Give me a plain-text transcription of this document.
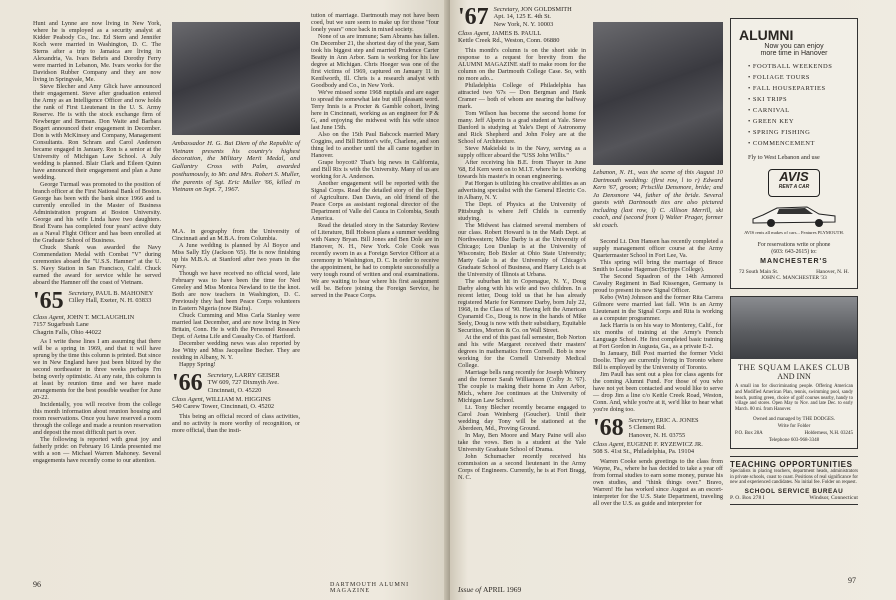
Hunt and Lynne are now living in New York, where he is employed as a security analyst at Kidder Peabody Co., Inc. Ed Stern and Jennifer Koch were married in Washington, D. C. The Sterns after a trip to Jamaica are living in Alexandria, Va. Ivars Behris and Dorothy Ferry were married in Lebanon, Me. Ivars works for the Davidson Rubber Company and they are now living in Springvale, Me.

Steve Blecher and Amy Glick have announced their engagement. Steve after graduation entered the Army as an Intelligence Officer and now holds the rank of First Lieutenant in the U. S. Army Reserve. He is with the stock exchange firm of Newberger and Berman. Don Waite and Barbara Bogert announced their engagement in December. Don is with McKinsey and Company, Management Consultants. Ron Schram and Carol Anderson became engaged in January. Ron is a senior at the University of Michigan Law School. A July wedding is planned. Blair Clark and Eileen Quinn have announced their engagement and plan a June wedding.

George Turmail was promoted to the position of branch officer at the First National Bank of Boston. George has been with the bank since 1966 and is currently enrolled in the Master of Business Administration program at Boston University. George and his wife Linda have two daughters. Brad Evans has completed four years' active duty as a Naval Flight Officer and has been enrolled at the Graduate School of Business.

Chuck Shank was awarded the Navy Commendation Medal with Combat "V" during ceremonies aboard the "U.S.S. Hamner" at the U. S. Navy Station in San Francisco, Calif. Chuck earned the award for service while he served aboard the Hamner off the coast of Vietnam.

'65 Secretary, PAUL B. MAHONEY
Cilley Hall, Exeter, N. H. 03833
Class Agent, JOHN T. MCLAUGHLIN
7157 Sugarbush Lane
Chagrin Falls, Ohio 44022

As I write these lines I am assuming that there will be a spring in 1969, and that it will have sprung by the time this column is printed. But since we in New England have just been blitzed by the second northeaster in three weeks perhaps I'm being overly optimistic. At any rate, this column is at least by reunion time and we have made arrangements for the best possible weather for June 20-22.

Incidentally, you will receive from the college this month information about reunion housing and room reservations. Once you have reserved a room through the college and made a reunion reservation and deposit the most difficult part is over.

The following is reported with great joy and fatherly pride: on February 16 Linda presented me with a son — Michael Warren Mahoney. Several engagements have recently come to our attention.

Ambassador H. G. Bui Diem of the Republic of Vietnam presents his country's highest decoration, the Military Merit Medal, and Gallantry Cross with Palm, awarded posthumously, to Mr. and Mrs. Robert S. Muller, the parents of Sgt. Eric Muller '66, killed in Vietnam on Sept. 7, 1967.

M.A. in geography from the University of Cincinnati and an M.B.A. from Columbia.

A June wedding is planned by Al Boyce and Miss Sally Ely (Jackson '65). He is now finishing up his M.B.A. at Stanford after two years in the Navy.

Though we have received no official word, late February was to have been the time for Ned Greeley and Miss Monica Newland to tie the knot. Both are now teachers in Washington, D. C. Previously they had been Peace Corps volunteers in Eastern Nigeria (now Biafra).

Chuck Cumming and Miss Carla Stanley were married last December, and are now living in New Britain, Conn. He is with the Personnel Research Dept. of Aetna Life and Casualty Co. of Hartford.

December wedding news was also reported by Joe Witty and Miss Jacqueline Becher. They are residing in Albany, N. Y.

Happy Spring!

'66 Secretary, LARRY GEISER
TW 609, 727 Dixmyth Ave.
Cincinnati, O. 45220
Class Agent, WILLIAM M. HIGGINS
540 Carew Tower, Cincinnati, O. 45202

This being an official record of class activities, and no activity is more worthy of recognition, or more official, than the insti-

tution of marriage. Dartmouth may not have been coed, but we sure seem to make up for those "four lonely years" once back in mixed society.

None of us are immune; Sam Abrams has fallen. On December 21, the shortest day of the year, Sam took his biggest step and married Prudence Carter Beatty in Ann Arbor. Sam is working for his law degree at Michigan. Chris Hoeger was one of the first victims of 1969, captured on January 11 in Kenilworth, Ill. Chris is a research analyst with Goodbody and Co., in New York.

We've missed some 1968 nuptials and are eager to spread the somewhat late but still pleasant word. Terry Innis is a Procter & Gamble cohort, living here in Cincinnati, working as an engineer for P & G, and enjoying the midwest with his wife since last June 15th.

Also on the 15th Paul Babcock married Mary Coggins, and Bill Britton's wife, Charlene, and son thing led to another until the all came together in Hanover.

Grape boycott? That's big news in California, and Bill Rix is with the University. Many of us are working for A. Anderson.

Another engagement will be reported with the Signal Corps. Read the detailed story of the Dept. of Agriculture. Dan Davis, an old friend of the Peace Corps as assistant regional director of the Department of Valle del Cauca in Colombia, South America.

Read the detailed story in the Saturday Review of Literature, Bill Hobson plans a summer wedding with Nancy Bryan. Bill Jones and Ben Dole are in Hanover, N. H., New York. Cole Cook was recently sworn in as a Foreign Service Officer at a ceremony in Washington, D. C. In order to receive the appointment, he had to complete successfully a very tough round of written and oral examinations. We are waiting to hear where his first assignment will be. Before joining the Foreign Service, he served in the Peace Corps.

96	DARTMOUTH ALUMNI MAGAZINE
'67 Secretary, JON GOLDSMITH
Apt. 14, 125 E. 4th St.
New York, N. Y. 10003
Class Agent, JAMES B. PAULL
Kettle Creek Rd., Weston, Conn. 06880

This month's column is on the short side in response to a request for brevity from the ALUMNI MAGAZINE staff to make room for the column on the Dartmouth College Case. So, with no more ado...

Philadelphia College of Philadelphia has attracted two '67s — Don Bergman and Hank Cramer — both of whom are nearing the halfway mark.

Tom Wilson has become the second home for many. Jeff Alperin is a grad student at Yale. Steve Danford is studying at Yale's Dept of Astronomy and Rick Shepherd and John Foley are at the School of Architecture.

Steve Makielski is in the Navy, serving as a supply officer aboard the "USS John Willis."

After receiving his B.E. from Thayer in June '68, Ed Kern went on to M.I.T. where he is working towards his master's in ocean engineering.

Pat Horgan is utilizing his creative abilities as an advertising specialist with the General Electric Co. in Albany, N. Y.

The Dept. of Physics at the University of Pittsburgh is where Jeff Childs is currently studying.

The Midwest has claimed several members of our class. Robert Howard is in the Math Dept. at Northwestern; Mike Darby is at the University of Chicago; Lou Dunlap is at the University of Wisconsin; Bob Bixler at Ohio State University; Marty Gale is at the University of Chicago's Graduate School of Business, and Harry Leich is at the University of Illinois at Urbana.

The suburban hit in Copenague, N. Y., Doug Darby along with his wife and two children. In a recent letter, Doug told us that he has already registered Marie for Kenmore Darby, born July 22, 1968, in the Class of '90. Having left the American Cyanamid Co., Doug is now in the hands of Mike Seely, Doug is now with their subsidiary, Equitable Securities, Morton & Co. on Wall Street.

At the end of this past fall semester, Bob Norton and his wife Margaret received their masters' degrees in mathematics from Cornell. Bob is now working for the Cornell University Medical College.

Marriage bells rang recently for Joseph Whinery and the former Sarah Williamson (Colby Jr. '67). The couple is making their home in Ann Arbor, Mich., where Joe continues at the University of Michigan Law School.

Lt. Tony Blecher recently became engaged to Carol Joan Weinberg (Goucher). Until their wedding day Tony will be stationed at the Aberdeen, Md., Proving Ground.

In May, Ben Moore and Mary Paine will also take the vows. Ben is a student at the Yale University Graduate School of Drama.

John Schumacher recently received his commission as a second lieutenant in the Army Corps of Engineers. Currently, he is at Fort Bragg, N. C.

Lebanon, N. H., was the scene of this August 10 Dartmouth wedding: (first row, l to r) Edward Kern '67, groom; Priscilla Densmore, bride; and Ja Densmore '44, father of the bride. Several guests with Dartmouth ties are also pictured including (last row, l) C. Allison Merrill, ski coach, and (second from l) Walter Prager, former ski coach.

Second Lt. Don Hansen has recently completed a supply management officer course at the Army Quartermaster School in Fort Lee, Va.

This spring will bring the marriage of Bruce Smith to Louise Hageman (Scripps College).

The Second Squadron of the 14th Armored Cavalry Regiment in Bad Kissengen, Germany is proud to present its new Signal Officer.

Kebo (Win) Johnson and the former Rita Carrera Gilmore were married last fall. Win is an Army Lieutenant in the Signal Corps and Rita is working as a computer programmer.

Jack Harris is on his way to Monterey, Calif., for six months of training at the Army's French Language School. He first completed basic training at Fort Gordon in Augusta, Ga., as a private E-2.

In January, Bill Post married the former Vicki Doolie. They are currently living in Toronto where Bill is employed by the University of Toronto.

Jim Paull has sent out a plea for class agents for the coming Alumni Fund. For those of you who have not yet been contacted and would like to serve — drop Jim a line c/o Kettle Creek Road, Weston, Conn. And, while you're at it, we'd like to hear what you're doing too.

'68 Secretary, ERIC A. JONES
5 Clement Rd.
Hanover, N. H. 03755
Class Agent, EUGENE F. RYZEWICZ JR.
508 S. 41st St., Philadelphia, Pa. 19104

Warren Cooke sends greetings to the class from Wayne, Pa., where he has decided to take a year off from formal studies to earn some money, pursue his own studies, and "think things over." Bravo, Warren! He has worked since August as an escort-interpreter for the U.S. State Department, traveling all over the U.S. as guide and interpreter for

ALUMNI
Now you can enjoy
more time in Hanover
• FOOTBALL WEEKENDS
• FOLIAGE TOURS
• FALL HOUSEPARTIES
• SKI TRIPS
• CARNIVAL
• GREEN KEY
• SPRING FISHING
• COMMENCEMENT
Fly to West Lebanon and use
AVIS
RENT A CAR
AVIS rents all makes of cars... Features PLYMOUTH.
For reservations write or phone
(603: 643-2615) to:
MANCHESTER'S
72 South Main St.	Hanover, N. H.
JOHN C. MANCHESTER '33
THE SQUAM LAKES CLUB
AND INN
A small inn for discriminating people. Offering American and Modified American Plan, tennis, swimming pool, sandy beach, putting green, choice of golf courses nearby, handy to village and stores. Open May to Nov. and late Dec. to early March. 80 mi. from Hanover.
Owned and managed by THE DODGES.
Write for Folder
P.O. Box 28A	Holderness, N.H. 03245
Telephone 603-968-3348
TEACHING OPPORTUNITIES
Specialists in placing teachers, department heads, administrators in private schools, coast to coast. Positions of real significance for new and experienced candidates. No initial fee. Folder on request.
SCHOOL SERVICE BUREAU
P. O. Box 278 I	Windsor, Connecticut
Issue of APRIL 1969
97
